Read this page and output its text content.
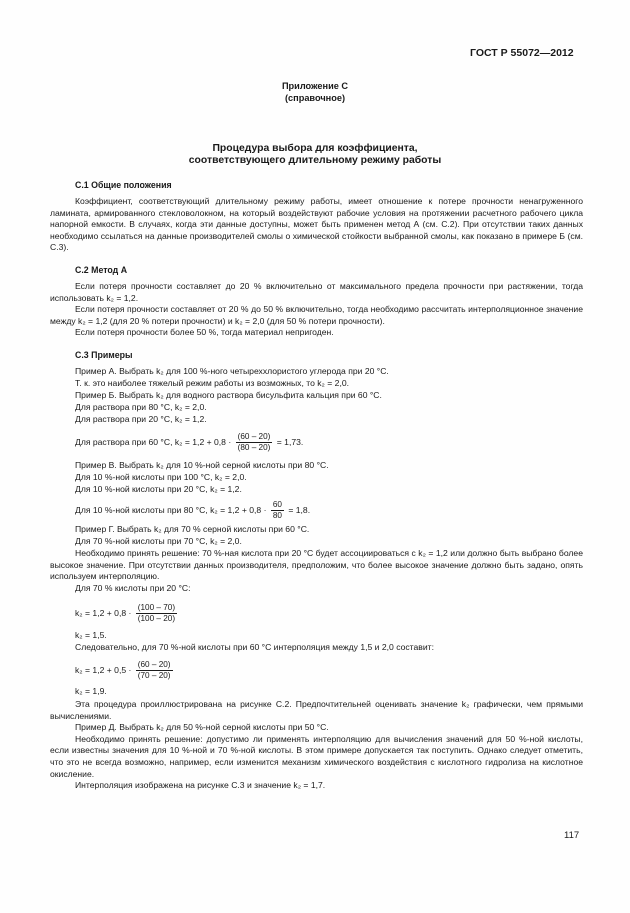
ГОСТ Р 55072—2012
Приложение С
(справочное)
Процедура выбора для коэффициента,
соответствующего длительному режиму работы
С.1 Общие положения

Коэффициент, соответствующий длительному режиму работы, имеет отношение к потере прочности ненагруженного ламината, армированного стекловолокном, на который воздействуют рабочие условия на протяжении расчетного рабочего цикла напорной емкости. В случаях, когда эти данные доступны, может быть применен метод А (см. С.2). При отсутствии таких данных необходимо ссылаться на данные производителей смолы о химической стойкости выбранной смолы, как показано в примере Б (см. С.3).

С.2 Метод А

Если потеря прочности составляет до 20 % включительно от максимального предела прочности при растяжении, тогда использовать k₂ = 1,2.

Если потеря прочности составляет от 20 % до 50 % включительно, тогда необходимо рассчитать интерполяционное значение между k₂ = 1,2 (для 20 % потери прочности) и k₂ = 2,0 (для 50 % потери прочности).

Если потеря прочности более 50 %, тогда материал непригоден.

С.3 Примеры
Пример А. Выбрать k₂ для 100 %-ного четыреххлористого углерода при 20 °С.
Т. к. это наиболее тяжелый режим работы из возможных, то k₂ = 2,0.
Пример Б. Выбрать k₂ для водного раствора бисульфита кальция при 60 °С.
Для раствора при 80 °С, k₂ = 2,0.
Для раствора при 20 °С, k₂ = 1,2.
Для раствора при 60 °С, $k_2 = 1,2 + 0,8 \cdot \frac{(60 - 20)}{(80 - 20)} = 1,73$.
Пример В. Выбрать k₂ для 10 %-ной серной кислоты при 80 °С.
Для 10 %-ной кислоты при 100 °С, k₂ = 2,0.
Для 10 %-ной кислоты при 20 °С, k₂ = 1,2.
Для 10 %-ной кислоты при 80 °С, $k_2 = 1,2 + 0,8 \cdot \frac{60}{80} = 1,8$.
Пример Г. Выбрать k₂ для 70 % серной кислоты при 60 °С.
Для 70 %-ной кислоты при 70 °С, k₂ = 2,0.

Необходимо принять решение: 70 %-ная кислота при 20 °С будет ассоциироваться с k₂ = 1,2 или должно быть выбрано более высокое значение. При отсутствии данных производителя, предположим, что более высокое значение должно быть задано, опять используем интерполяцию.

Для 70 % кислоты при 20 °С:

$k_2 = 1,2 + 0,8 \cdot \frac{(100 - 70)}{(100 - 20)}$
k₂ = 1,5.
Следовательно, для 70 %-ной кислоты при 60 °С интерполяция между 1,5 и 2,0 составит:
$k_2 = 1,2 + 0,5 \cdot \frac{(60 - 20)}{(70 - 20)}$
k₂ = 1,9.

Эта процедура проиллюстрирована на рисунке С.2. Предпочтительней оценивать значение k₂ графически, чем прямыми вычислениями.

Пример Д. Выбрать k₂ для 50 %-ной серной кислоты при 50 °С.

Необходимо принять решение: допустимо ли применять интерполяцию для вычисления значений для 50 %-ной кислоты, если известны значения для 10 %-ной и 70 %-ной кислоты. В этом примере допускается так поступить. Однако следует отметить, что это не всегда возможно, например, если изменится механизм химического воздействия с кислотного гидролиза на кислотное окисление.

Интерполяция изображена на рисунке С.3 и значение k₂ = 1,7.

117
